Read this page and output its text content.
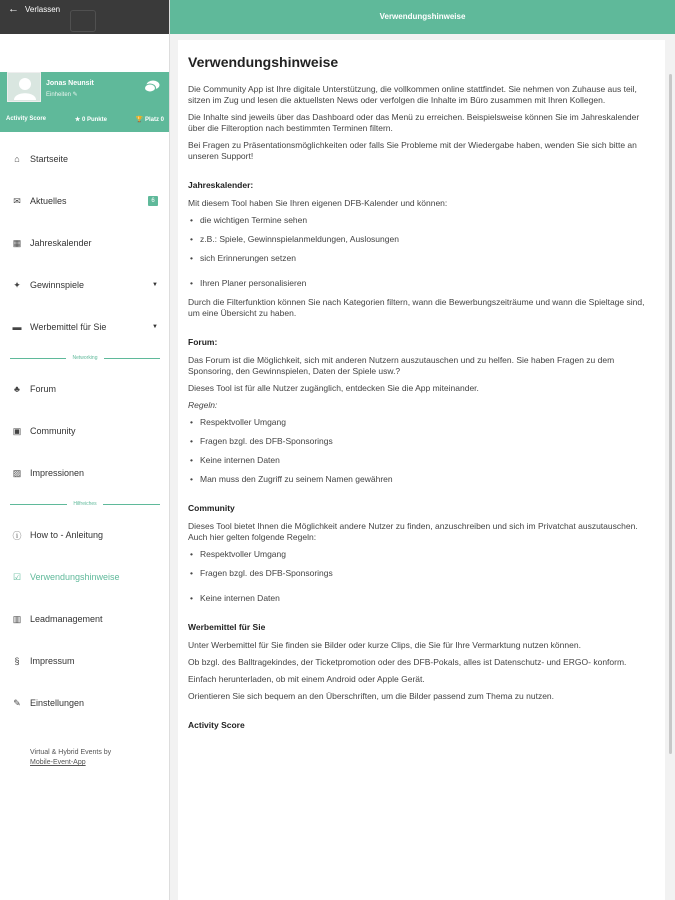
← Verlassen
Jonas Neunsit
Einheiten ✎
Activity Score	★ 0 Punkte	🏆 Platz 0
⌂	Startseite
✉ Aktuelles	6
▦ Jahreskalender
✦ Gewinnspiele	▼
▬ Werbemittel für Sie	▼
Networking
♣	Forum
▣ Community
▨ Impressionen
Hilfreiches
ⓘ How to - Anleitung
☑ Verwendungshinweise
▥ Leadmanagement
§	Impressum
✎ Einstellungen
Virtual & Hybrid Events by
Mobile-Event-App
Verwendungshinweise
Verwendungshinweise

Die Community App ist Ihre digitale Unterstützung, die vollkommen online stattfindet. Sie nehmen von Zuhause aus teil, sitzen im Zug und lesen die aktuellsten News oder verfolgen die Inhalte im Büro zusammen mit Ihren Kollegen.

Die Inhalte sind jeweils über das Dashboard oder das Menü zu erreichen. Beispielsweise können Sie im Jahreskalender über die Filteroption nach bestimmten Terminen filtern.

Bei Fragen zu Präsentationsmöglichkeiten oder falls Sie Probleme mit der Wiedergabe haben, wenden Sie sich bitte an unseren Support!

Jahreskalender:

Mit diesem Tool haben Sie Ihren eigenen DFB-Kalender und können:

• die wichtigen Termine sehen
• z.B.: Spiele, Gewinnspielanmeldungen, Auslosungen
• sich Erinnerungen setzen
• Ihren Planer personalisieren

Durch die Filterfunktion können Sie nach Kategorien filtern, wann die Bewerbungszeiträume und wann die Spieltage sind, um eine Übersicht zu haben.

Forum:

Das Forum ist die Möglichkeit, sich mit anderen Nutzern auszutauschen und zu helfen. Sie haben Fragen zu dem Sponsoring, den Gewinnspielen, Daten der Spiele usw.?

Dieses Tool ist für alle Nutzer zugänglich, entdecken Sie die App miteinander.

Regeln:

• Respektvoller Umgang
• Fragen bzgl. des DFB-Sponsorings
• Keine internen Daten
• Man muss den Zugriff zu seinem Namen gewähren
Community

Dieses Tool bietet Ihnen die Möglichkeit andere Nutzer zu finden, anzuschreiben und sich im Privatchat auszutauschen. Auch hier gelten folgende Regeln:

• Respektvoller Umgang
• Fragen bzgl. des DFB-Sponsorings
• Keine internen Daten
Werbemittel für Sie

Unter Werbemittel für Sie finden sie Bilder oder kurze Clips, die Sie für Ihre Vermarktung nutzen können.

Ob bzgl. des Balltragekindes, der Ticketpromotion oder des DFB-Pokals, alles ist Datenschutz- und ERGO- konform.

Einfach herunterladen, ob mit einem Android oder Apple Gerät.

Orientieren Sie sich bequem an den Überschriften, um die Bilder passend zum Thema zu nutzen.

Activity Score
